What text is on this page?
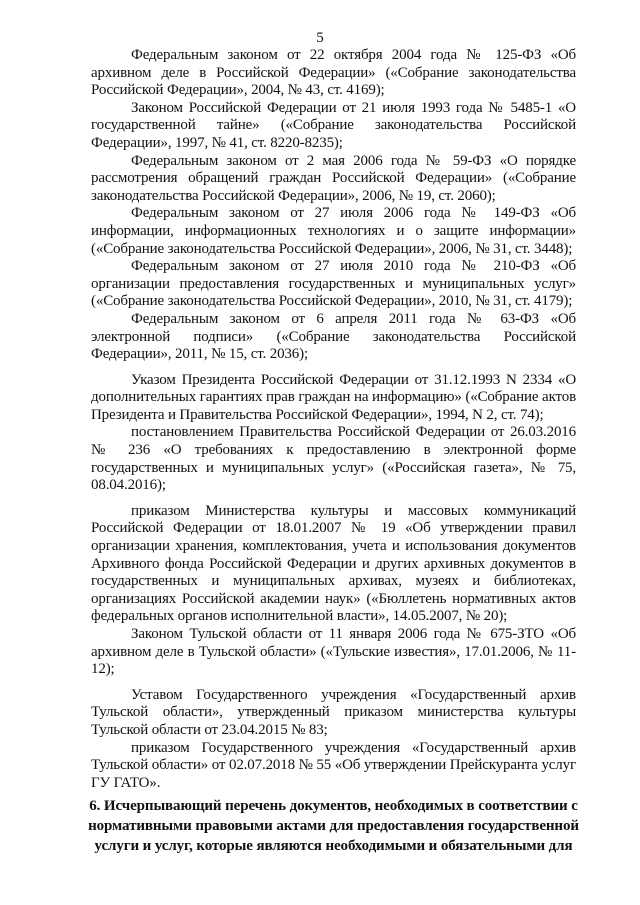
5

Федеральным законом от 22 октября 2004 года № 125-ФЗ «Об архивном деле в Российской Федерации» («Собрание законодательства Российской Федерации», 2004, № 43, ст. 4169);

Законом Российской Федерации от 21 июля 1993 года № 5485-1 «О государственной тайне» («Собрание законодательства Российской Федерации», 1997, № 41, ст. 8220-8235);

Федеральным законом от 2 мая 2006 года № 59-ФЗ «О порядке рассмотрения обращений граждан Российской Федерации» («Собрание законодательства Российской Федерации», 2006, № 19, ст. 2060);

Федеральным законом от 27 июля 2006 года № 149-ФЗ «Об информации, информационных технологиях и о защите информации» («Собрание законодательства Российской Федерации», 2006, № 31, ст. 3448);

Федеральным законом от 27 июля 2010 года № 210-ФЗ «Об организации предоставления государственных и муниципальных услуг» («Собрание законодательства Российской Федерации», 2010, № 31, ст. 4179);

Федеральным законом от 6 апреля 2011 года № 63-ФЗ «Об электронной подписи» («Собрание законодательства Российской Федерации», 2011, № 15, ст. 2036);

Указом Президента Российской Федерации от 31.12.1993 N 2334 «О дополнительных гарантиях прав граждан на информацию» («Собрание актов Президента и Правительства Российской Федерации», 1994, N 2, ст. 74);

постановлением Правительства Российской Федерации от 26.03.2016 № 236 «О требованиях к предоставлению в электронной форме государственных и муниципальных услуг» («Российская газета», № 75, 08.04.2016);

приказом Министерства культуры и массовых коммуникаций Российской Федерации от 18.01.2007 № 19 «Об утверждении правил организации хранения, комплектования, учета и использования документов Архивного фонда Российской Федерации и других архивных документов в государственных и муниципальных архивах, музеях и библиотеках, организациях Российской академии наук» («Бюллетень нормативных актов федеральных органов исполнительной власти», 14.05.2007, № 20);

Законом Тульской области от 11 января 2006 года № 675-ЗТО «Об архивном деле в Тульской области» («Тульские известия», 17.01.2006, № 11-12);

Уставом Государственного учреждения «Государственный архив Тульской области», утвержденный приказом министерства культуры Тульской области от 23.04.2015 № 83;

приказом Государственного учреждения «Государственный архив Тульской области» от 02.07.2018 № 55 «Об утверждении Прейскуранта услуг ГУ ГАТО».

6. Исчерпывающий перечень документов, необходимых в соответствии с нормативными правовыми актами для предоставления государственной услуги и услуг, которые являются необходимыми и обязательными для
